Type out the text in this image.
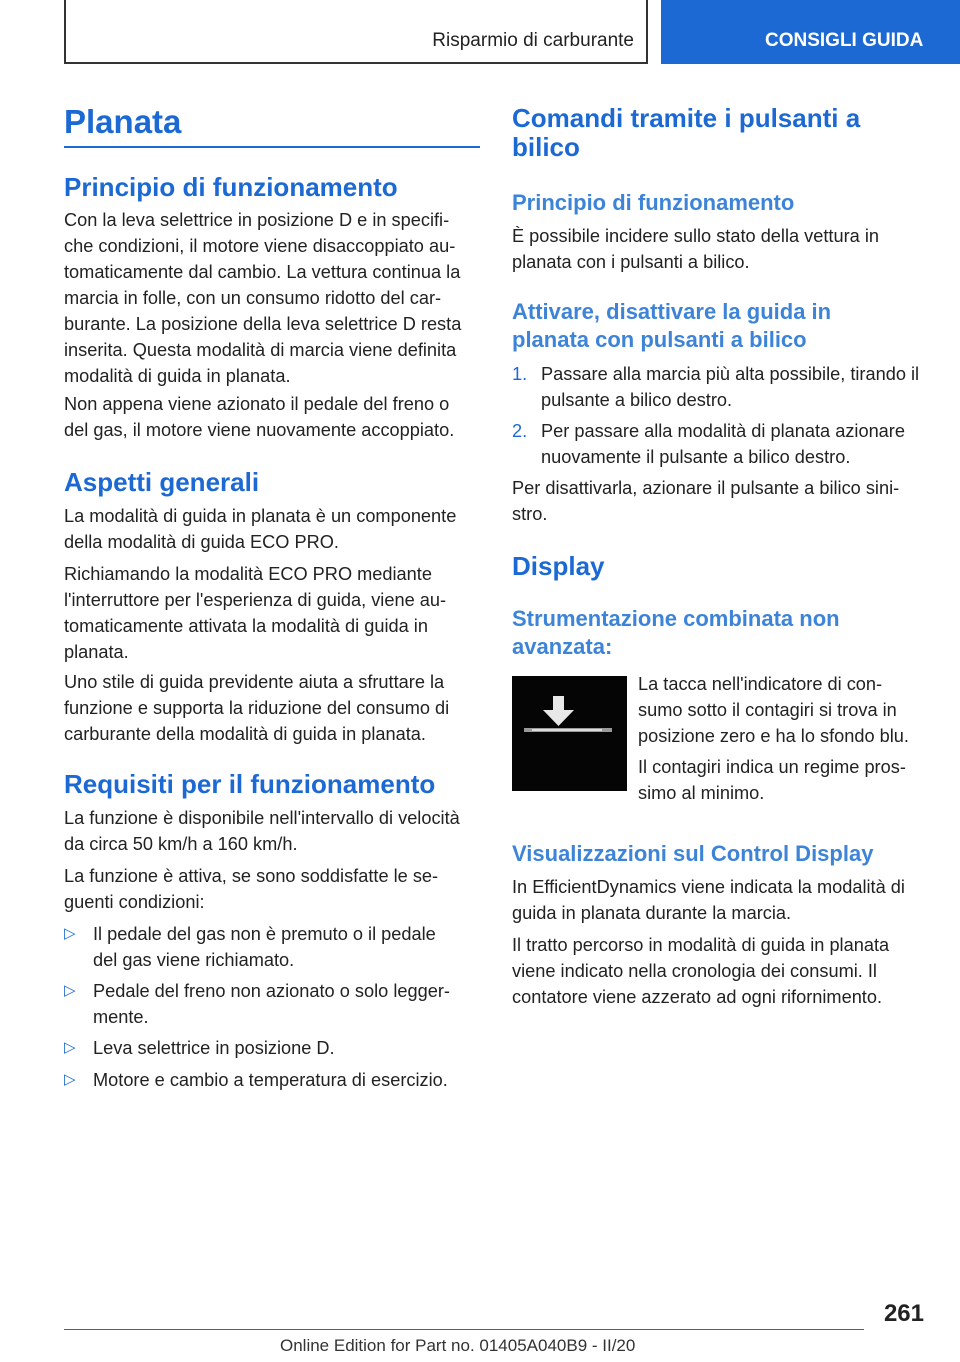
Risparmio di carburante	CONSIGLI GUIDA
Planata
Principio di funzionamento
Con la leva selettrice in posizione D e in specifi-
che condizioni, il motore viene disaccoppiato au-
tomaticamente dal cambio. La vettura continua la
marcia in folle, con un consumo ridotto del car-
burante. La posizione della leva selettrice D resta
inserita. Questa modalità di marcia viene definita
modalità di guida in planata.
Non appena viene azionato il pedale del freno o
del gas, il motore viene nuovamente accoppiato.
Aspetti generali
La modalità di guida in planata è un componente
della modalità di guida ECO PRO.
Richiamando la modalità ECO PRO mediante
l'interruttore per l'esperienza di guida, viene au-
tomaticamente attivata la modalità di guida in
planata.
Uno stile di guida previdente aiuta a sfruttare la
funzione e supporta la riduzione del consumo di
carburante della modalità di guida in planata.
Requisiti per il funzionamento
La funzione è disponibile nell'intervallo di velocità
da circa 50 km/h a 160 km/h.
La funzione è attiva, se sono soddisfatte le se-
guenti condizioni:
▷ Il pedale del gas non è premuto o il pedale
del gas viene richiamato.
▷ Pedale del freno non azionato o solo legger-
mente.
▷ Leva selettrice in posizione D.
▷ Motore e cambio a temperatura di esercizio.
Comandi tramite i pulsanti a
bilico
Principio di funzionamento
È possibile incidere sullo stato della vettura in
planata con i pulsanti a bilico.
Attivare, disattivare la guida in
planata con pulsanti a bilico
1. Passare alla marcia più alta possibile, tirando il
pulsante a bilico destro.
2. Per passare alla modalità di planata azionare
nuovamente il pulsante a bilico destro.
Per disattivarla, azionare il pulsante a bilico sini-
stro.
Display
Strumentazione combinata non
avanzata:
La tacca nell'indicatore di con-
sumo sotto il contagiri si trova in
posizione zero e ha lo sfondo blu.
Il contagiri indica un regime pros-
simo al minimo.
Visualizzazioni sul Control Display
In EfficientDynamics viene indicata la modalità di
guida in planata durante la marcia.
Il tratto percorso in modalità di guida in planata
viene indicato nella cronologia dei consumi. Il
contatore viene azzerato ad ogni rifornimento.
261
Online Edition for Part no. 01405A040B9 - II/20
